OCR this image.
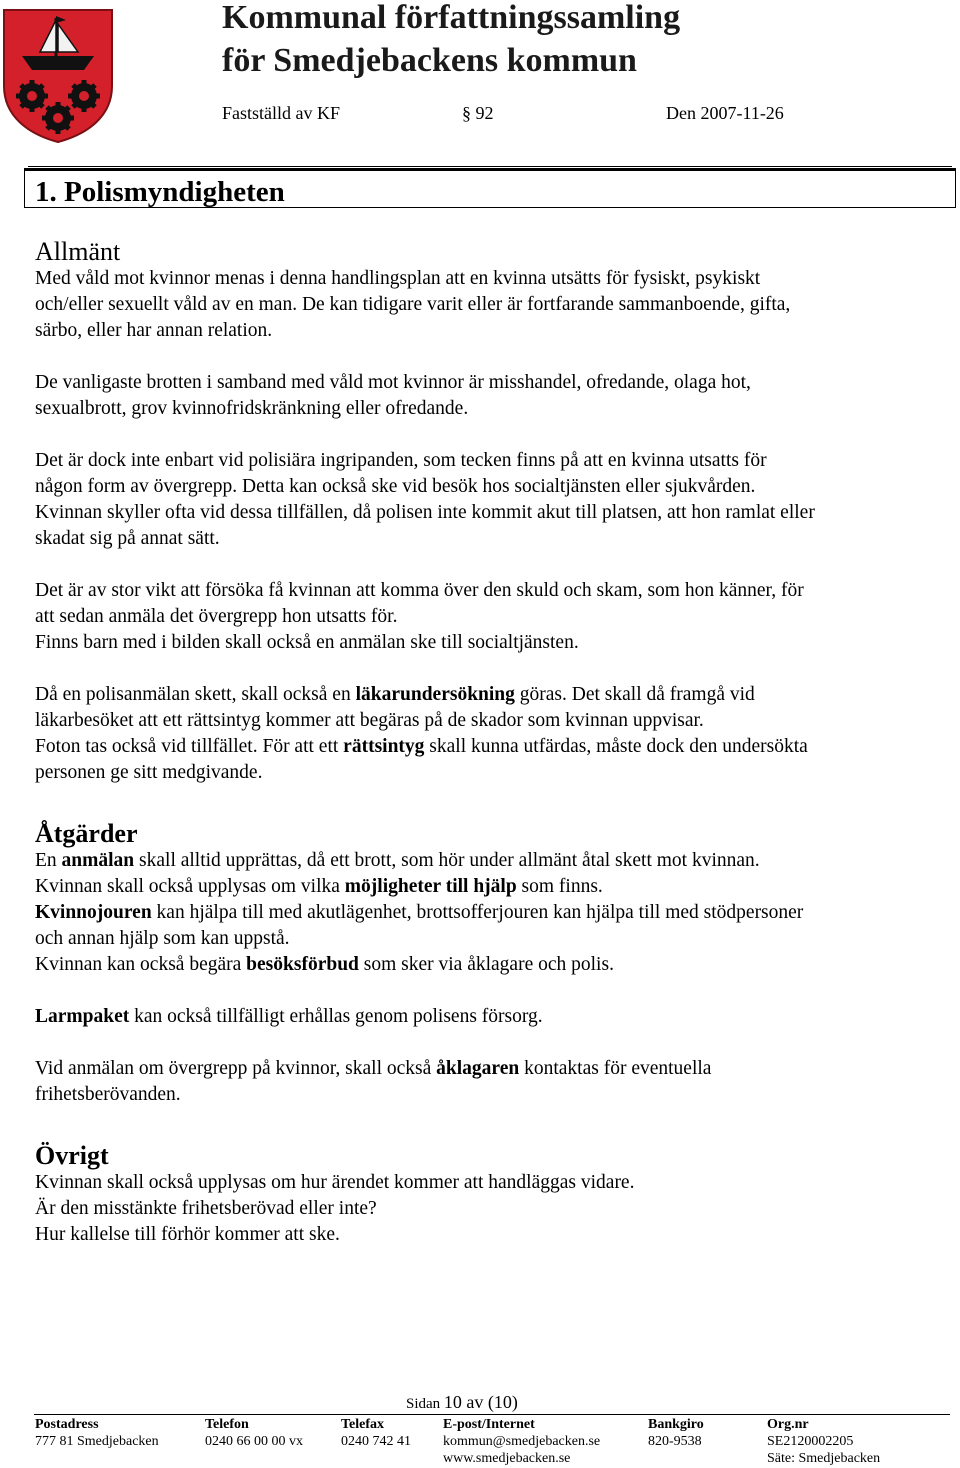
Kommunal författningssamling
för Smedjebackens kommun
Fastställd av KF	§ 92	Den 2007-11-26
1. Polismyndigheten
Allmänt

Med våld mot kvinnor menas i denna handlingsplan att en kvinna utsätts för fysiskt, psykiskt
och/eller sexuellt våld av en man. De kan tidigare varit eller är fortfarande sammanboende, gifta,
särbo, eller har annan relation.

De vanligaste brotten i samband med våld mot kvinnor är misshandel, ofredande, olaga hot,
sexualbrott, grov kvinnofridskränkning eller ofredande.

Det är dock inte enbart vid polisiära ingripanden, som tecken finns på att en kvinna utsatts för
någon form av övergrepp. Detta kan också ske vid besök hos socialtjänsten eller sjukvården.
Kvinnan skyller ofta vid dessa tillfällen, då polisen inte kommit akut till platsen, att hon ramlat eller
skadat sig på annat sätt.

Det är av stor vikt att försöka få kvinnan att komma över den skuld och skam, som hon känner, för
att sedan anmäla det övergrepp hon utsatts för.
Finns barn med i bilden skall också en anmälan ske till socialtjänsten.

Då en polisanmälan skett, skall också en läkarundersökning göras. Det skall då framgå vid
läkarbesöket att ett rättsintyg kommer att begäras på de skador som kvinnan uppvisar.
Foton tas också vid tillfället. För att ett rättsintyg skall kunna utfärdas, måste dock den undersökta
personen ge sitt medgivande.

Åtgärder

En anmälan skall alltid upprättas, då ett brott, som hör under allmänt åtal skett mot kvinnan.
Kvinnan skall också upplysas om vilka möjligheter till hjälp som finns.
Kvinnojouren kan hjälpa till med akutlägenhet, brottsofferjouren kan hjälpa till med stödpersoner
och annan hjälp som kan uppstå.
Kvinnan kan också begära besöksförbud som sker via åklagare och polis.

Larmpaket kan också tillfälligt erhållas genom polisens försorg.

Vid anmälan om övergrepp på kvinnor, skall också åklagaren kontaktas för eventuella
frihetsberövanden.

Övrigt

Kvinnan skall också upplysas om hur ärendet kommer att handläggas vidare.
Är den misstänkte frihetsberövad eller inte?
Hur kallelse till förhör kommer att ske.

Sidan 10 av (10)
Postadress
777 81 Smedjebacken
Telefon
0240 66 00 00 vx
Telefax
0240 742 41
E-post/Internet
kommun@smedjebacken.se
www.smedjebacken.se
Bankgiro
820-9538
Org.nr
SE2120002205
Säte: Smedjebacken
